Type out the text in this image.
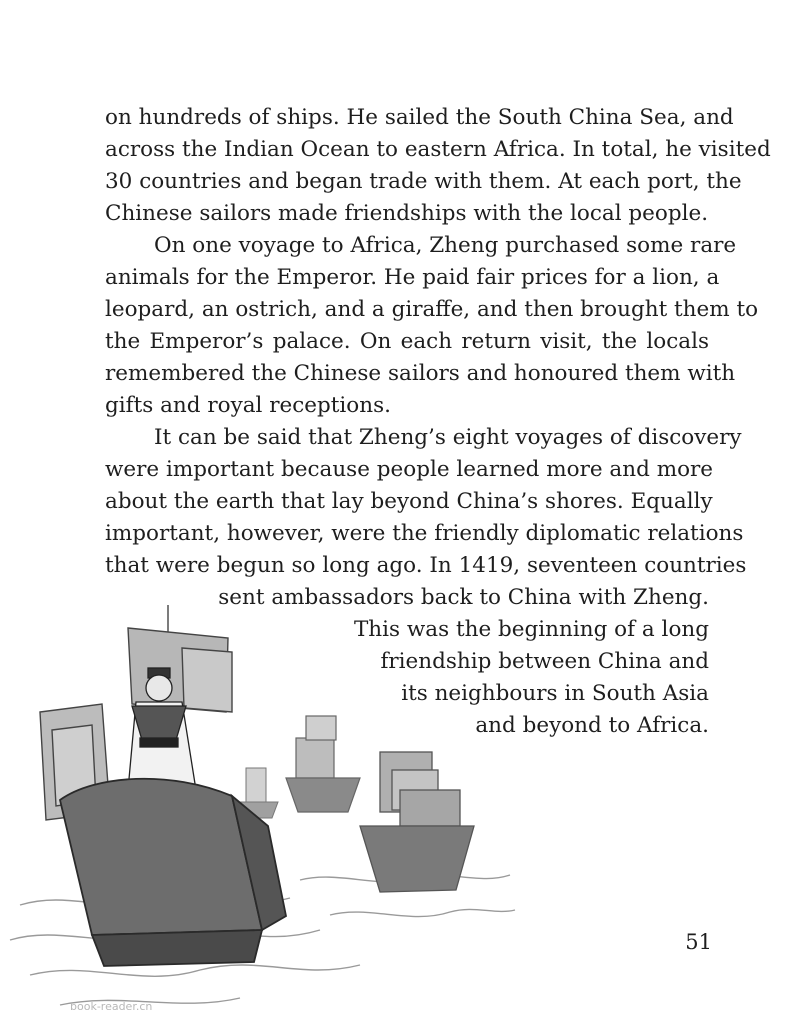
on hundreds of ships. He sailed the South China Sea, and
across the Indian Ocean to eastern Africa. In total, he visited
30 countries and began trade with them. At each port, the
Chinese sailors made friendships with the local people.
On one voyage to Africa, Zheng purchased some rare
animals for the Emperor. He paid fair prices for a lion, a
leopard, an ostrich, and a giraffe, and then brought them to
the Emperor’s palace. On each return visit, the locals
remembered the Chinese sailors and honoured them with
gifts and royal receptions.
It can be said that Zheng’s eight voyages of discovery
were important because people learned more and more
about the earth that lay beyond China’s shores. Equally
important, however, were the friendly diplomatic relations
that were begun so long ago. In 1419, seventeen countries
sent ambassadors back to China with Zheng.
This was the beginning of a long
friendship between China and
its neighbours in South Asia
and beyond to Africa.
51
book-reader.cn
